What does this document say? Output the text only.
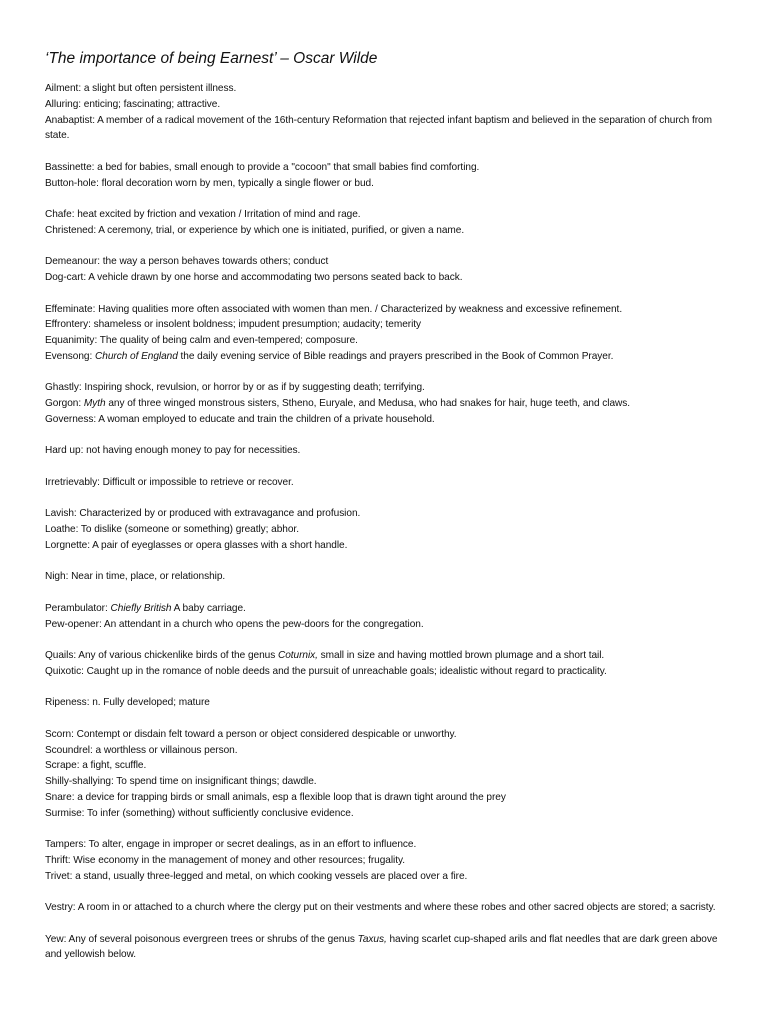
‘The importance of being Earnest’ – Oscar Wilde

Ailment: a slight but often persistent illness.

Alluring: enticing; fascinating; attractive.

Anabaptist: A member of a radical movement of the 16th-century Reformation that rejected infant baptism and believed in the separation of church from state.

Bassinette: a bed for babies, small enough to provide a "cocoon" that small babies find comforting.

Button-hole: floral decoration worn by men, typically a single flower or bud.

Chafe: heat excited by friction and vexation / Irritation of mind and rage.

Christened: A ceremony, trial, or experience by which one is initiated, purified, or given a name.

Demeanour: the way a person behaves towards others; conduct

Dog-cart: A vehicle drawn by one horse and accommodating two persons seated back to back.

Effeminate: Having qualities more often associated with women than men. / Characterized by weakness and excessive refinement.

Effrontery: shameless or insolent boldness; impudent presumption; audacity; temerity

Equanimity: The quality of being calm and even-tempered; composure.

Evensong: Church of England the daily evening service of Bible readings and prayers prescribed in the Book of Common Prayer.

Ghastly: Inspiring shock, revulsion, or horror by or as if by suggesting death; terrifying.

Gorgon: Myth any of three winged monstrous sisters, Stheno, Euryale, and Medusa, who had snakes for hair, huge teeth, and claws.

Governess: A woman employed to educate and train the children of a private household.

Hard up: not having enough money to pay for necessities.

Irretrievably: Difficult or impossible to retrieve or recover.

Lavish: Characterized by or produced with extravagance and profusion.

Loathe: To dislike (someone or something) greatly; abhor.

Lorgnette: A pair of eyeglasses or opera glasses with a short handle.

Nigh: Near in time, place, or relationship.

Perambulator: Chiefly British A baby carriage.

Pew-opener: An attendant in a church who opens the pew-doors for the congregation.

Quails: Any of various chickenlike birds of the genus Coturnix, small in size and having mottled brown plumage and a short tail.

Quixotic: Caught up in the romance of noble deeds and the pursuit of unreachable goals; idealistic without regard to practicality.

Ripeness: n. Fully developed; mature

Scorn: Contempt or disdain felt toward a person or object considered despicable or unworthy.

Scoundrel: a worthless or villainous person.

Scrape: a fight, scuffle.

Shilly-shallying: To spend time on insignificant things; dawdle.

Snare: a device for trapping birds or small animals, esp a flexible loop that is drawn tight around the prey

Surmise: To infer (something) without sufficiently conclusive evidence.

Tampers: To alter, engage in improper or secret dealings, as in an effort to influence.

Thrift: Wise economy in the management of money and other resources; frugality.

Trivet: a stand, usually three-legged and metal, on which cooking vessels are placed over a fire.

Vestry: A room in or attached to a church where the clergy put on their vestments and where these robes and other sacred objects are stored; a sacristy.

Yew: Any of several poisonous evergreen trees or shrubs of the genus Taxus, having scarlet cup-shaped arils and flat needles that are dark green above and yellowish below.
